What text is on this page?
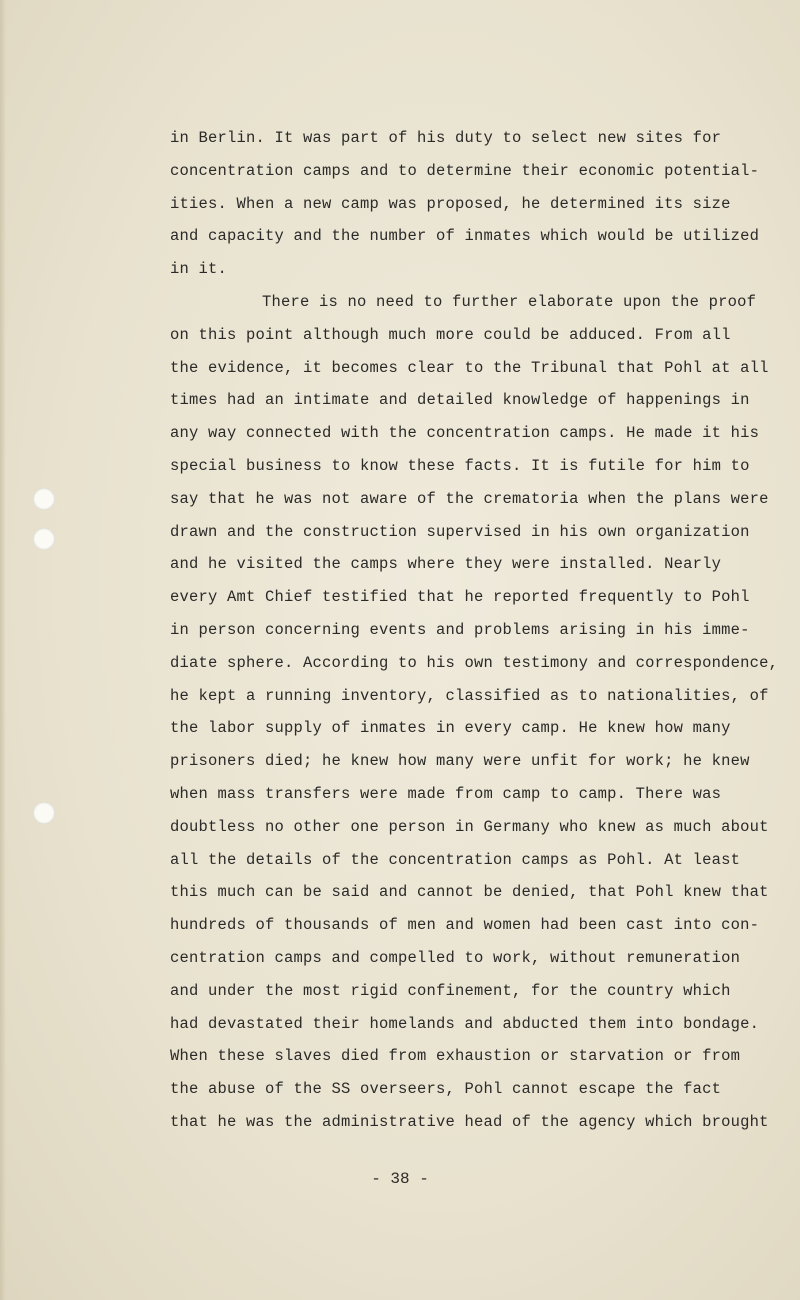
in Berlin. It was part of his duty to select new sites for
concentration camps and to determine their economic potential-
ities. When a new camp was proposed, he determined its size
and capacity and the number of inmates which would be utilized
in it.
There is no need to further elaborate upon the proof
on this point although much more could be adduced. From all
the evidence, it becomes clear to the Tribunal that Pohl at all
times had an intimate and detailed knowledge of happenings in
any way connected with the concentration camps. He made it his
special business to know these facts. It is futile for him to
say that he was not aware of the crematoria when the plans were
drawn and the construction supervised in his own organization
and he visited the camps where they were installed. Nearly
every Amt Chief testified that he reported frequently to Pohl
in person concerning events and problems arising in his imme-
diate sphere. According to his own testimony and correspondence,
he kept a running inventory, classified as to nationalities, of
the labor supply of inmates in every camp. He knew how many
prisoners died; he knew how many were unfit for work; he knew
when mass transfers were made from camp to camp. There was
doubtless no other one person in Germany who knew as much about
all the details of the concentration camps as Pohl. At least
this much can be said and cannot be denied, that Pohl knew that
hundreds of thousands of men and women had been cast into con-
centration camps and compelled to work, without remuneration
and under the most rigid confinement, for the country which
had devastated their homelands and abducted them into bondage.
When these slaves died from exhaustion or starvation or from
the abuse of the SS overseers, Pohl cannot escape the fact
that he was the administrative head of the agency which brought
- 38 -
